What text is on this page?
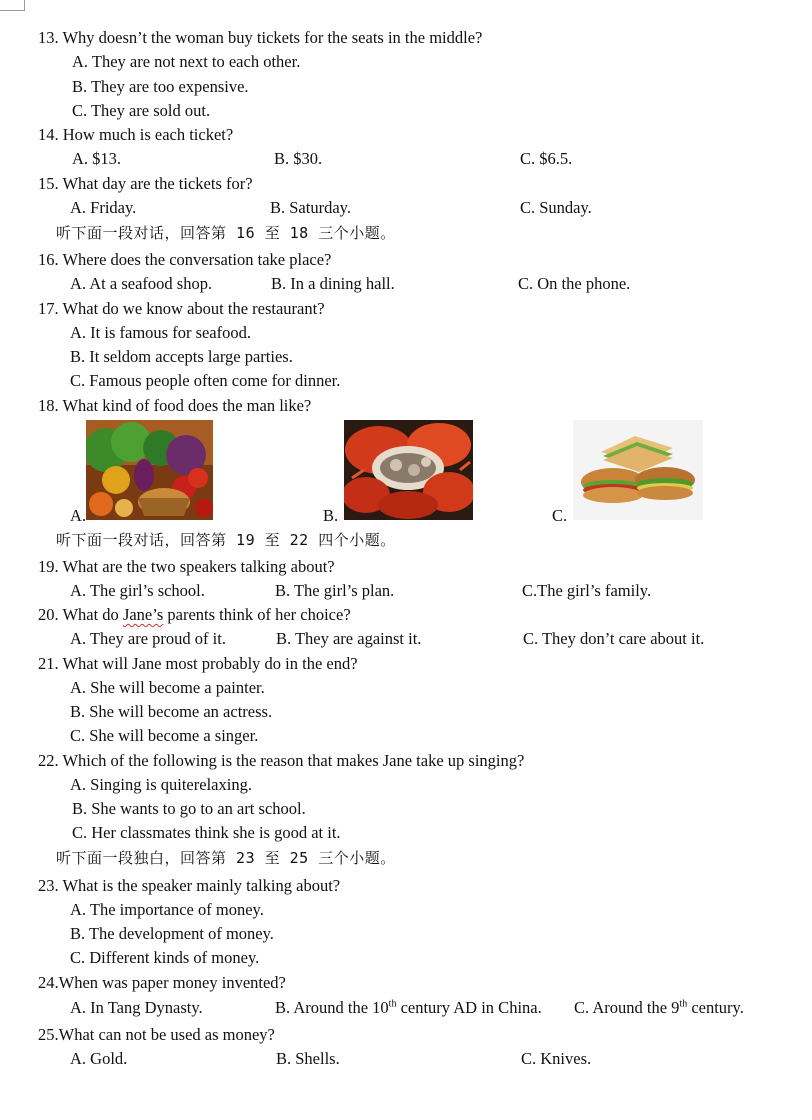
13. Why doesn’t the woman buy tickets for the seats in the middle?
A. They are not next to each other.
B. They are too expensive.
C. They are sold out.
14. How much is each ticket?
A. $13.	B. $30.	C. $6.5.
15. What day are the tickets for?
A. Friday.	B. Saturday.	C. Sunday.
听下面一段对话，回答第 16 至 18 三个小题。
16. Where does the conversation take place?
A. At a seafood shop.	B. In a dining hall.	C. On the phone.
17. What do we know about the restaurant?
A. It is famous for seafood.
B. It seldom accepts large parties.
C. Famous people often come for dinner.
18. What kind of food does the man like?
A.	B.	C.
听下面一段对话，回答第 19 至 22 四个小题。
19. What are the two speakers talking about?
A. The girl’s school.	B. The girl’s plan.	C.The girl’s family.
20. What do Jane’s parents think of her choice?
A. They are proud of it.	B. They are against it.	C. They don’t care about it.
21. What will Jane most probably do in the end?
A. She will become a painter.
B. She will become an actress.
C. She will become a singer.
22. Which of the following is the reason that makes Jane take up singing?
A. Singing is quiterelaxing.
B. She wants to go to an art school.
C. Her classmates think she is good at it.
听下面一段独白，回答第 23 至 25 三个小题。
23. What is the speaker mainly talking about?
A. The importance of money.
B. The development of money.
C. Different kinds of money.
24.When was paper money invented?
A. In Tang Dynasty.	B. Around the 10th century AD in China. C. Around the 9th century.
25.What can not be used as money?
A. Gold.	B. Shells.	C. Knives.
